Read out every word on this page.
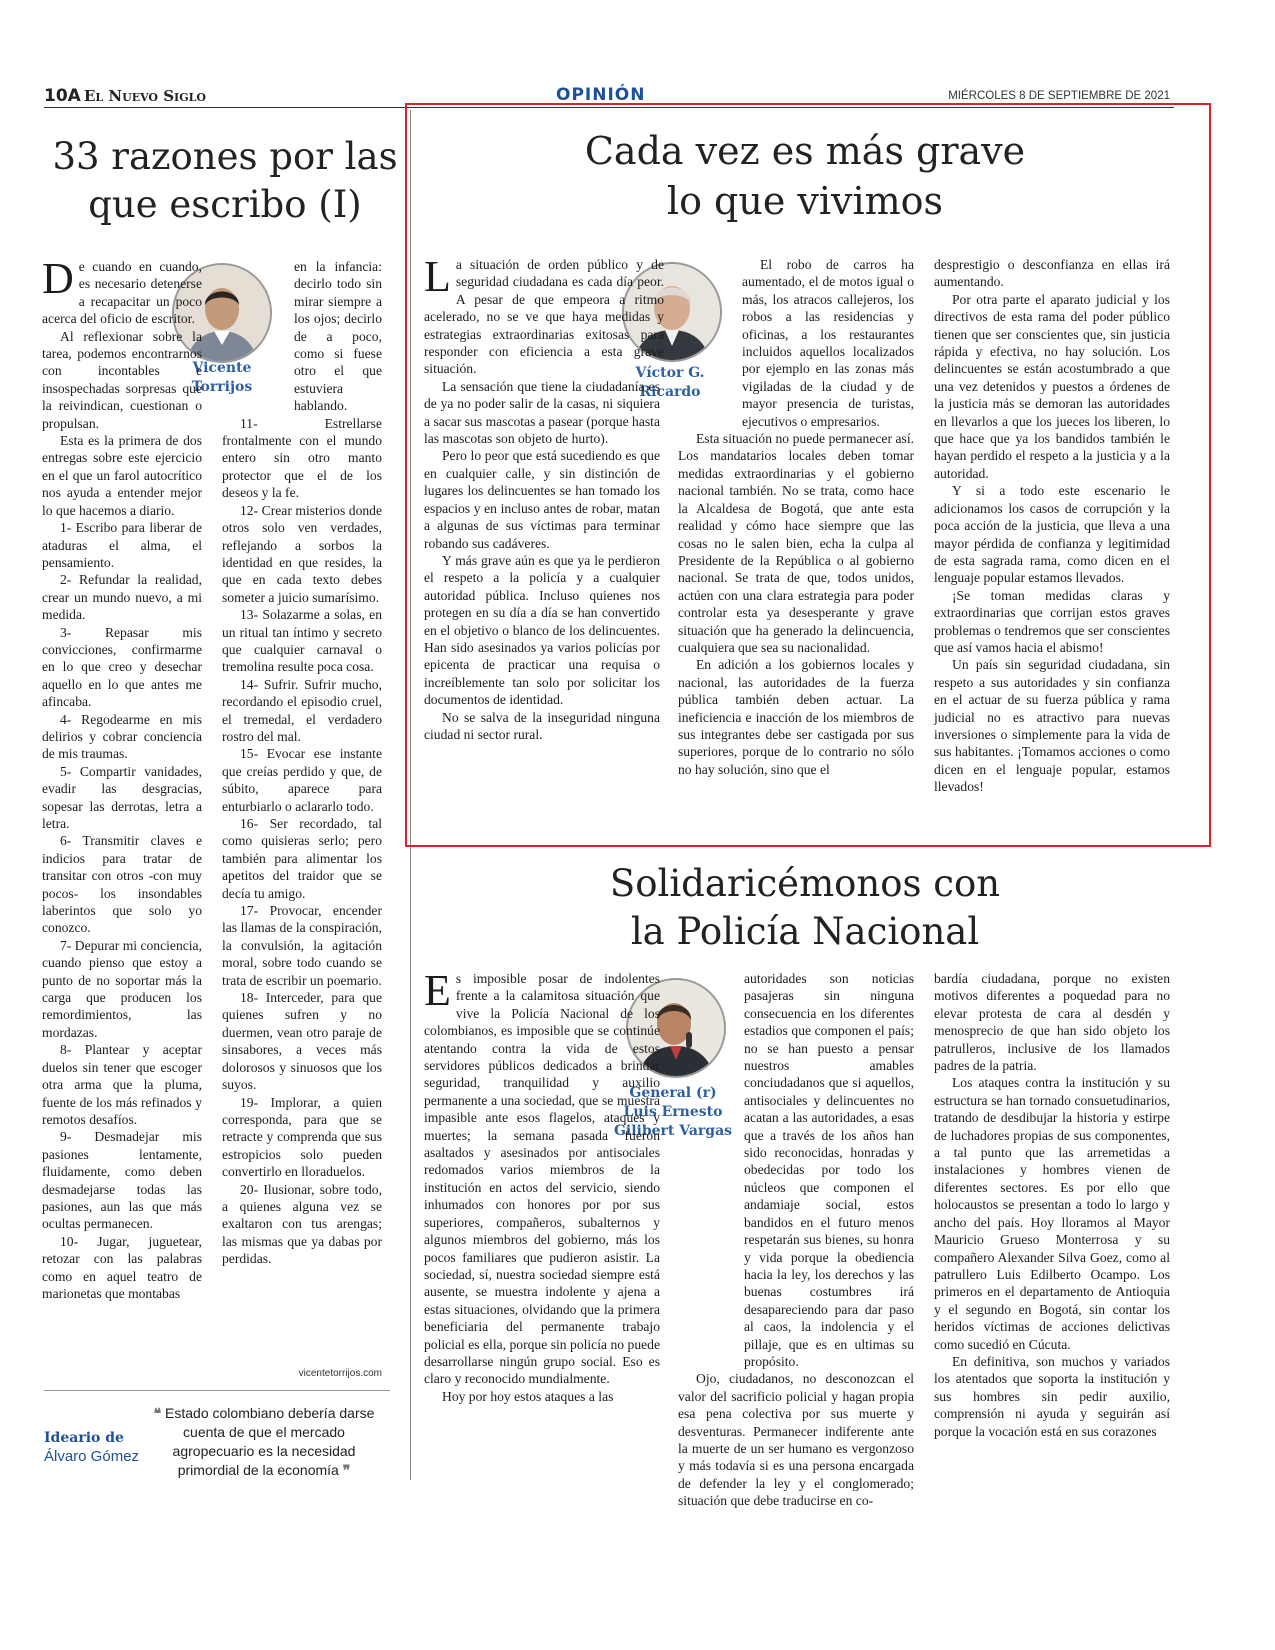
10A El Nuevo Siglo	OPINIÓN	MIÉRCOLES 8 DE SEPTIEMBRE DE 2021
33 razones por las
que escribo (I)
Vicente
Torrijos

De cuando en cuando, es necesario detenerse a recapacitar un poco acerca del oficio de escritor.

Al reflexionar sobre la tarea, podemos encontrarnos con incontables e insospechadas sorpresas que la reivindican, cuestionan o propulsan.

Esta es la primera de dos entregas sobre este ejercicio en el que un farol autocrítico nos ayuda a entender mejor lo que hacemos a diario.

1- Escribo para liberar de ataduras el alma, el pensamiento.

2- Refundar la realidad, crear un mundo nuevo, a mi medida.

3- Repasar mis convicciones, confirmarme en lo que creo y desechar aquello en lo que antes me afincaba.

4- Regodearme en mis delirios y cobrar conciencia de mis traumas.

5- Compartir vanidades, evadir las desgracias, sopesar las derrotas, letra a letra.

6- Transmitir claves e indicios para tratar de transitar con otros -con muy pocos- los insondables laberintos que solo yo conozco.

7- Depurar mi conciencia, cuando pienso que estoy a punto de no soportar más la carga que producen los remordimientos, las mordazas.

8- Plantear y aceptar duelos sin tener que escoger otra arma que la pluma, fuente de los más refinados y remotos desafíos.

9- Desmadejar mis pasiones lentamente, fluidamente, como deben desmadejarse todas las pasiones, aun las que más ocultas permanecen.

10- Jugar, juguetear, retozar con las palabras como en aquel teatro de marionetas que montabas

en la infancia: decirlo todo sin mirar siempre a los ojos; decirlo de a poco, como si fuese otro el que estuviera hablando.

11- Estrellarse frontalmente con el mundo entero sin otro manto protector que el de los deseos y la fe.

12- Crear misterios donde otros solo ven verdades, reflejando a sorbos la identidad en que resides, la que en cada texto debes someter a juicio sumarísimo.

13- Solazarme a solas, en un ritual tan íntimo y secreto que cualquier carnaval o tremolina resulte poca cosa.

14- Sufrir. Sufrir mucho, recordando el episodio cruel, el tremedal, el verdadero rostro del mal.

15- Evocar ese instante que creías perdido y que, de súbito, aparece para enturbiarlo o aclararlo todo.

16- Ser recordado, tal como quisieras serlo; pero también para alimentar los apetitos del traidor que se decía tu amigo.

17- Provocar, encender las llamas de la conspiración, la convulsión, la agitación moral, sobre todo cuando se trata de escribir un poemario.

18- Interceder, para que quienes sufren y no duermen, vean otro paraje de sinsabores, a veces más dolorosos y sinuosos que los suyos.

19- Implorar, a quien corresponda, para que se retracte y comprenda que sus estropicios solo pueden convertirlo en lloraduelos.

20- Ilusionar, sobre todo, a quienes alguna vez se exaltaron con tus arengas; las mismas que ya dabas por perdidas.

vicentetorrijos.com
Ideario de
Álvaro Gómez
❝ Estado colombiano debería darse cuenta de que el mercado agropecuario es la necesidad primordial de la economía ❞
Cada vez es más grave
lo que vivimos
Víctor G.
Ricardo

La situación de orden público y de seguridad ciudadana es cada día peor. A pesar de que empeora a ritmo acelerado, no se ve que haya medidas y estrategias extraordinarias exitosas para responder con eficiencia a esta grave situación.

La sensación que tiene la ciudadanía es de ya no poder salir de la casas, ni siquiera a sacar sus mascotas a pasear (porque hasta las mascotas son objeto de hurto).

Pero lo peor que está sucediendo es que en cualquier calle, y sin distinción de lugares los delincuentes se han tomado los espacios y en incluso antes de robar, matan a algunas de sus víctimas para terminar robando sus cadáveres.

Y más grave aún es que ya le perdieron el respeto a la policía y a cualquier autoridad pública. Incluso quienes nos protegen en su día a día se han convertido en el objetivo o blanco de los delincuentes. Han sido asesinados ya varios policías por epicenta de practicar una requisa o increíblemente tan solo por solicitar los documentos de identidad.

No se salva de la inseguridad ninguna ciudad ni sector rural.

El robo de carros ha aumentado, el de motos igual o más, los atracos callejeros, los robos a las residencias y oficinas, a los restaurantes incluidos aquellos localizados por ejemplo en las zonas más vigiladas de la ciudad y de mayor presencia de turistas, ejecutivos o empresarios.

Esta situación no puede permanecer así. Los mandatarios locales deben tomar medidas extraordinarias y el gobierno nacional también. No se trata, como hace la Alcaldesa de Bogotá, que ante esta realidad y cómo hace siempre que las cosas no le salen bien, echa la culpa al Presidente de la República o al gobierno nacional. Se trata de que, todos unidos, actúen con una clara estrategia para poder controlar esta ya desesperante y grave situación que ha generado la delincuencia, cualquiera que sea su nacionalidad.

En adición a los gobiernos locales y nacional, las autoridades de la fuerza pública también deben actuar. La ineficiencia e inacción de los miembros de sus integrantes debe ser castigada por sus superiores, porque de lo contrario no sólo no hay solución, sino que el

desprestigio o desconfianza en ellas irá aumentando.

Por otra parte el aparato judicial y los directivos de esta rama del poder público tienen que ser conscientes que, sin justicia rápida y efectiva, no hay solución. Los delincuentes se están acostumbrado a que una vez detenidos y puestos a órdenes de la justicia más se demoran las autoridades en llevarlos a que los jueces los liberen, lo que hace que ya los bandidos también le hayan perdido el respeto a la justicia y a la autoridad.

Y si a todo este escenario le adicionamos los casos de corrupción y la poca acción de la justicia, que lleva a una mayor pérdida de confianza y legitimidad de esta sagrada rama, como dicen en el lenguaje popular estamos llevados.

¡Se toman medidas claras y extraordinarias que corrijan estos graves problemas o tendremos que ser conscientes que así vamos hacia el abismo!

Un país sin seguridad ciudadana, sin respeto a sus autoridades y sin confianza en el actuar de su fuerza pública y rama judicial no es atractivo para nuevas inversiones o simplemente para la vida de sus habitantes. ¡Tomamos acciones o como dicen en el lenguaje popular, estamos llevados!

Solidaricémonos con
la Policía Nacional
General (r)
Luis Ernesto
Gilibert Vargas

Es imposible posar de indolentes frente a la calamitosa situación que vive la Policía Nacional de los colombianos, es imposible que se continúe atentando contra la vida de estos servidores públicos dedicados a brindar seguridad, tranquilidad y auxilio permanente a una sociedad, que se muestra impasible ante esos flagelos, ataques y muertes; la semana pasada fueron asaltados y asesinados por antisociales redomados varios miembros de la institución en actos del servicio, siendo inhumados con honores por por sus superiores, compañeros, subalternos y algunos miembros del gobierno, más los pocos familiares que pudieron asistir. La sociedad, sí, nuestra sociedad siempre está ausente, se muestra indolente y ajena a estas situaciones, olvidando que la primera beneficiaria del permanente trabajo policial es ella, porque sin policía no puede desarrollarse ningún grupo social. Eso es claro y reconocido mundialmente.

Hoy por hoy estos ataques a las

autoridades son noticias pasajeras sin ninguna consecuencia en los diferentes estadios que componen el país; no se han puesto a pensar nuestros amables conciudadanos que si aquellos, antisociales y delincuentes no acatan a las autoridades, a esas que a través de los años han sido reconocidas, honradas y obedecidas por todo los núcleos que componen el andamiaje social, estos bandidos en el futuro menos respetarán sus bienes, su honra y vida porque la obediencia hacia la ley, los derechos y las buenas costumbres irá desapareciendo para dar paso al caos, la indolencia y el pillaje, que es en ultimas su propósito.

Ojo, ciudadanos, no desconozcan el valor del sacrificio policial y hagan propia esa pena colectiva por sus muerte y desventuras. Permanecer indiferente ante la muerte de un ser humano es vergonzoso y más todavía si es una persona encargada de defender la ley y el conglomerado; situación que debe traducirse en co-

bardía ciudadana, porque no existen motivos diferentes a poquedad para no elevar protesta de cara al desdén y menosprecio de que han sido objeto los patrulleros, inclusive de los llamados padres de la patria.

Los ataques contra la institución y su estructura se han tornado consuetudinarios, tratando de desdibujar la historia y estirpe de luchadores propias de sus componentes, a tal punto que las arremetidas a instalaciones y hombres vienen de diferentes sectores. Es por ello que holocaustos se presentan a todo lo largo y ancho del país. Hoy lloramos al Mayor Mauricio Grueso Monterrosa y su compañero Alexander Silva Goez, como al patrullero Luis Edilberto Ocampo. Los primeros en el departamento de Antioquia y el segundo en Bogotá, sin contar los heridos víctimas de acciones delictivas como sucedió en Cúcuta.

En definitiva, son muchos y variados los atentados que soporta la institución y sus hombres sin pedir auxilio, comprensión ni ayuda y seguirán así porque la vocación está en sus corazones
